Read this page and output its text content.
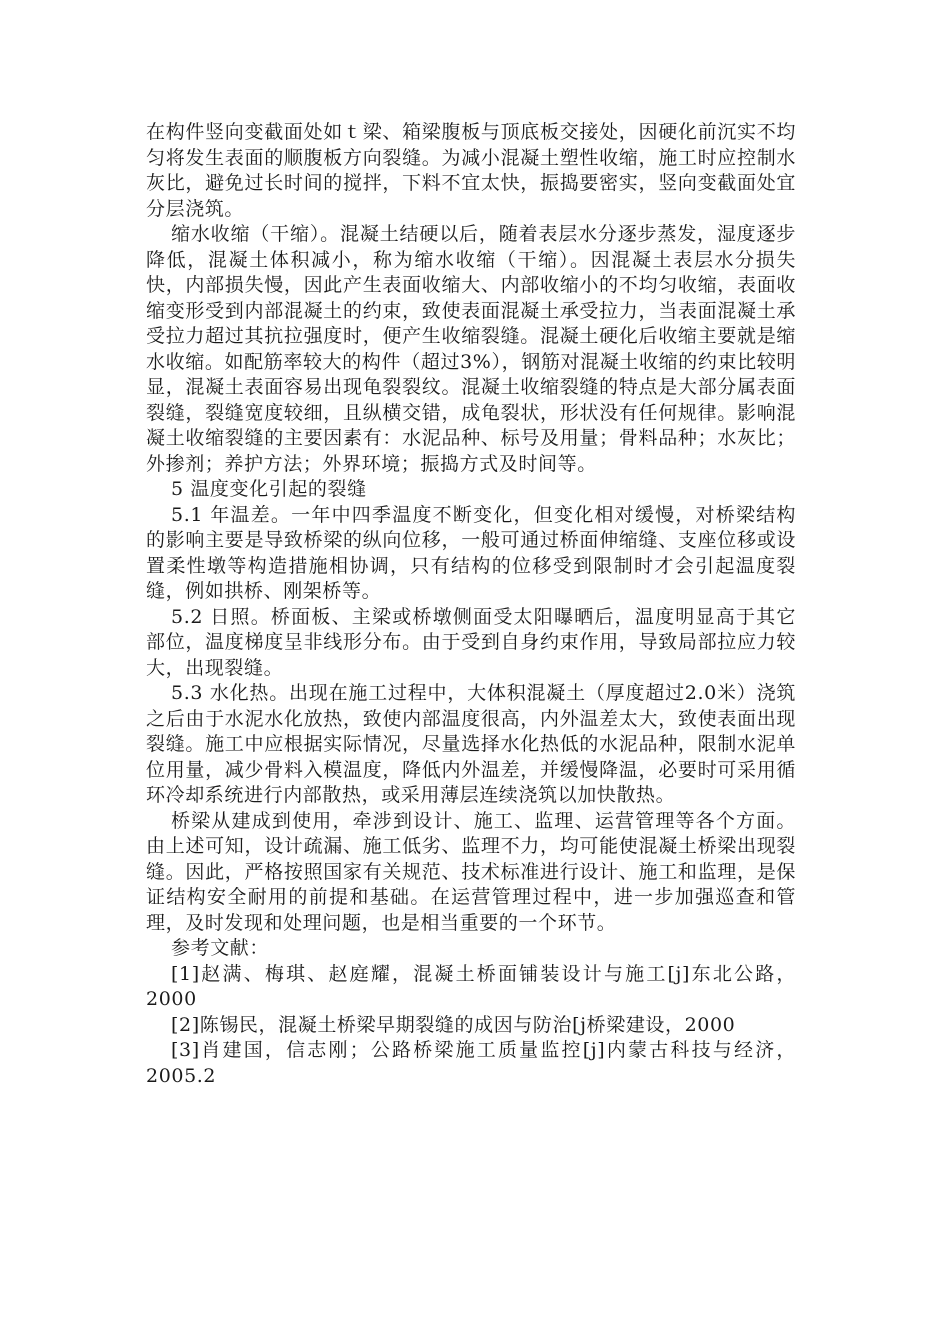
在构件竖向变截面处如ｔ梁、箱梁腹板与顶底板交接处，因硬化前沉实不均匀将发生表面的顺腹板方向裂缝。为减小混凝土塑性收缩，施工时应控制水灰比，避免过长时间的搅拌，下料不宜太快，振捣要密实，竖向变截面处宜分层浇筑。

缩水收缩（干缩）。混凝土结硬以后，随着表层水分逐步蒸发，湿度逐步降低，混凝土体积减小，称为缩水收缩（干缩）。因混凝土表层水分损失快，内部损失慢，因此产生表面收缩大、内部收缩小的不均匀收缩，表面收缩变形受到内部混凝土的约束，致使表面混凝土承受拉力，当表面混凝土承受拉力超过其抗拉强度时，便产生收缩裂缝。混凝土硬化后收缩主要就是缩水收缩。如配筋率较大的构件（超过3%），钢筋对混凝土收缩的约束比较明显，混凝土表面容易出现龟裂裂纹。混凝土收缩裂缝的特点是大部分属表面裂缝，裂缝宽度较细，且纵横交错，成龟裂状，形状没有任何规律。影响混凝土收缩裂缝的主要因素有：水泥品种、标号及用量；骨料品种；水灰比；外掺剂；养护方法；外界环境；振捣方式及时间等。

5 温度变化引起的裂缝

5.1 年温差。一年中四季温度不断变化，但变化相对缓慢，对桥梁结构的影响主要是导致桥梁的纵向位移，一般可通过桥面伸缩缝、支座位移或设置柔性墩等构造措施相协调，只有结构的位移受到限制时才会引起温度裂缝，例如拱桥、刚架桥等。

5.2 日照。桥面板、主梁或桥墩侧面受太阳曝晒后，温度明显高于其它部位，温度梯度呈非线形分布。由于受到自身约束作用，导致局部拉应力较大，出现裂缝。

5.3 水化热。出现在施工过程中，大体积混凝土（厚度超过2.0米）浇筑之后由于水泥水化放热，致使内部温度很高，内外温差太大，致使表面出现裂缝。施工中应根据实际情况，尽量选择水化热低的水泥品种，限制水泥单位用量，减少骨料入模温度，降低内外温差，并缓慢降温，必要时可采用循环冷却系统进行内部散热，或采用薄层连续浇筑以加快散热。

桥梁从建成到使用，牵涉到设计、施工、监理、运营管理等各个方面。由上述可知，设计疏漏、施工低劣、监理不力，均可能使混凝土桥梁出现裂缝。因此，严格按照国家有关规范、技术标准进行设计、施工和监理，是保证结构安全耐用的前提和基础。在运营管理过程中，进一步加强巡查和管理，及时发现和处理问题，也是相当重要的一个环节。

参考文献：

[1]赵满、梅琪、赵庭耀，混凝土桥面铺装设计与施工[j]东北公路，2000

[2]陈锡民，混凝土桥梁早期裂缝的成因与防治[j桥梁建设，2000

[3]肖建国，信志刚；公路桥梁施工质量监控[j]内蒙古科技与经济，2005.2
